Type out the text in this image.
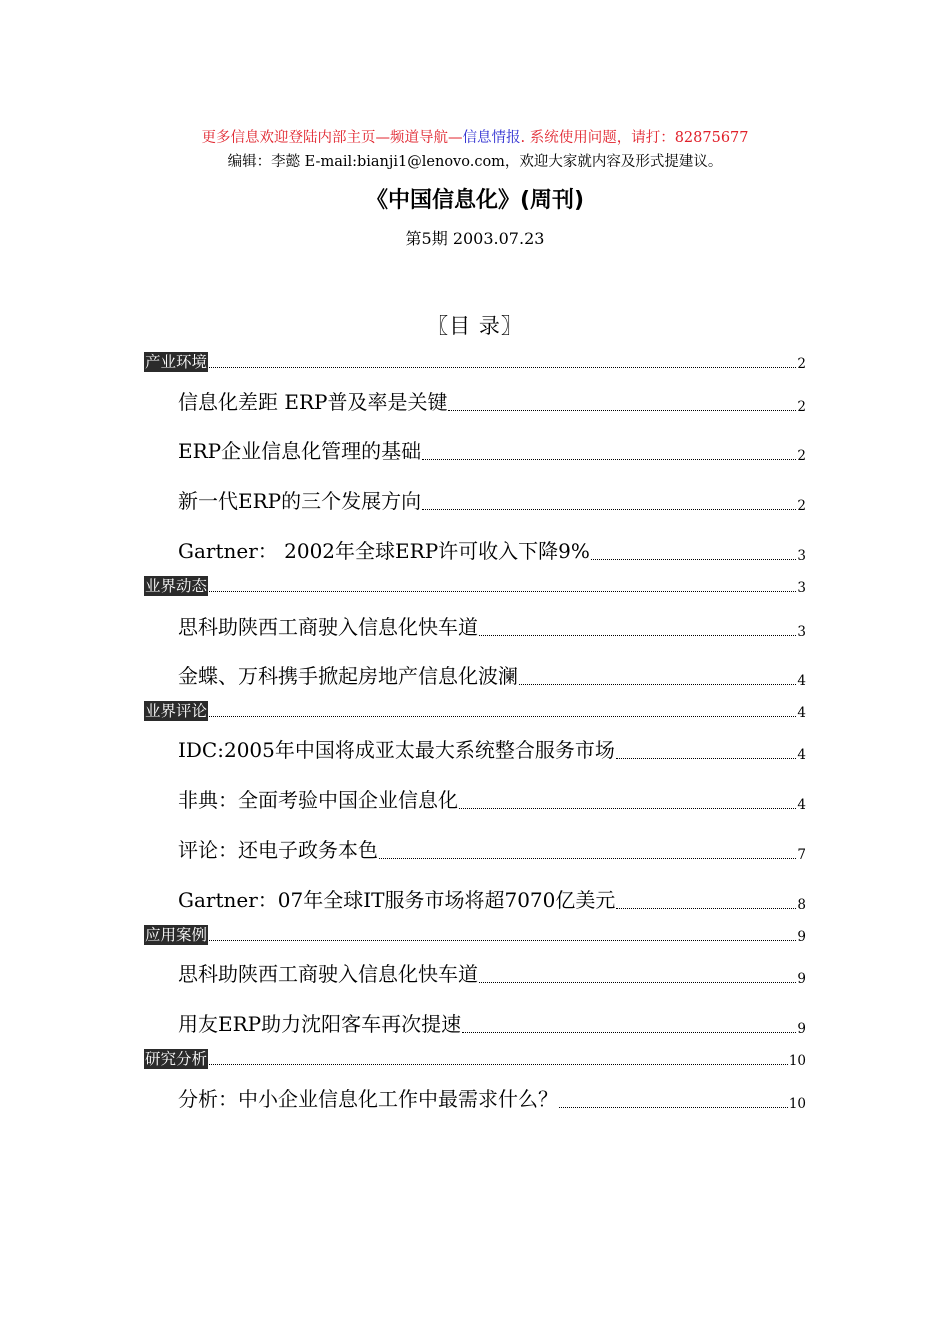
更多信息欢迎登陆内部主页—频道导航—信息情报. 系统使用问题，请打：82875677
编辑：李懿 E-mail:bianji1@lenovo.com，欢迎大家就内容及形式提建议。
《中国信息化》(周刊)
第5期 2003.07.23
〖目 录〗
产业环境	2
信息化差距 ERP普及率是关键	2
ERP企业信息化管理的基础	2
新一代ERP的三个发展方向	2
Gartner： 2002年全球ERP许可收入下降9%	3
业界动态	3
思科助陕西工商驶入信息化快车道	3
金蝶、万科携手掀起房地产信息化波澜	4
业界评论	4
IDC:2005年中国将成亚太最大系统整合服务市场	4
非典：全面考验中国企业信息化	4
评论：还电子政务本色	7
Gartner：07年全球IT服务市场将超7070亿美元	8
应用案例	9
思科助陕西工商驶入信息化快车道	9
用友ERP助力沈阳客车再次提速	9
研究分析	10
分析：中小企业信息化工作中最需求什么？	10
